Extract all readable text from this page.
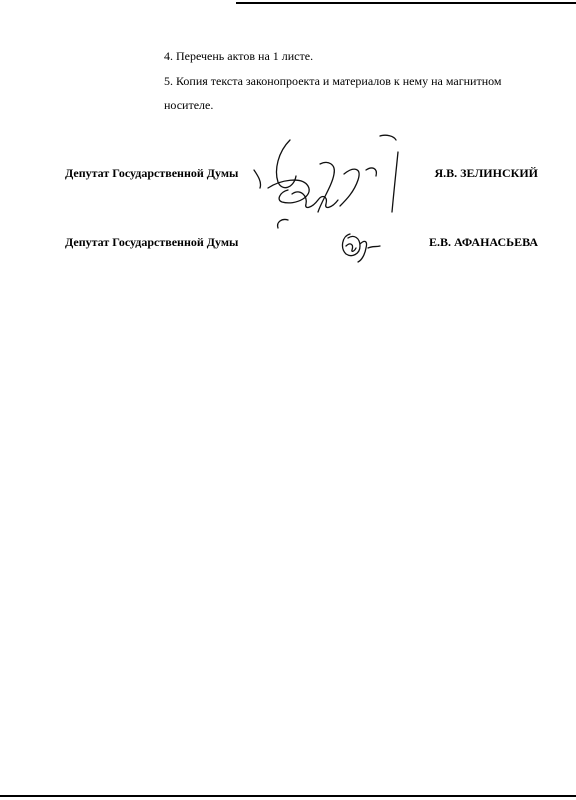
4. Перечень актов на 1 листе.
5. Копия текста законопроекта и материалов к нему на магнитном
носителе.
Депутат Государственной Думы	Я.В. ЗЕЛИНСКИЙ
Депутат Государственной Думы	Е.В. АФАНАСЬЕВА
